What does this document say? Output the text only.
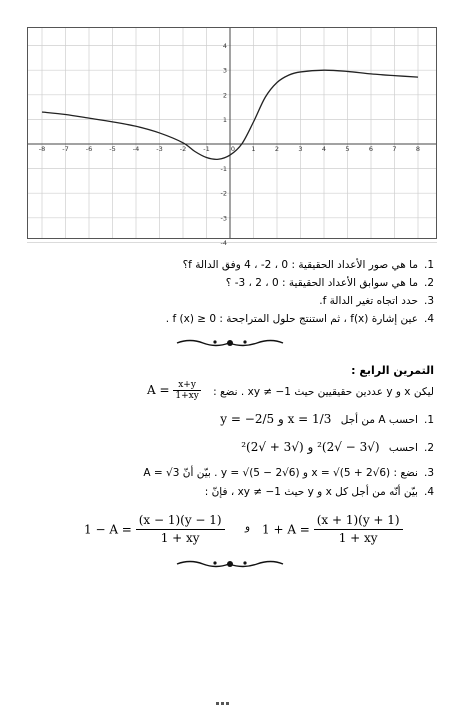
-8	-7	-6	-5	-4	-3	-2	-1	0	1	2	3	4	5	6	7	8
4
3
2
1
-1
-2
-3
-4
1.ما هي صور الأعداد الحقيقية : 0 ، 2- ، 4 وفق الدالة f؟
2.ما هي سوابق الأعداد الحقيقية : 0 ، 2 ، 3- ؟
3.حدد اتجاه تغير الدالة f.
4.عين إشارة f(x) ، ثم استنتج حلول المتراجحة : f (x) ≥ 0 .
التمرين الرابع :
ليكن x و y عددين حقيقيين حيث xy ≠ −1 . نضع :
$A = \frac{x+y}{1+xy}$
1.احسب A من أجل x = 1/3 و y = −2/5
2.احسب (√3 − √2)² و (√3 + √2)²
3.نضع : x = √(5 + 2√6) و y = √(5 − 2√6) . بيّن أنّ A = √3
4.بيّن أنّه من أجل كل x و y حيث xy ≠ −1 ، فإنّ :
$1 + A = \frac{(x + 1)(y + 1)}{1 + xy}$
و
$1 - A = \frac{(x - 1)(y - 1)}{1 + xy}$
